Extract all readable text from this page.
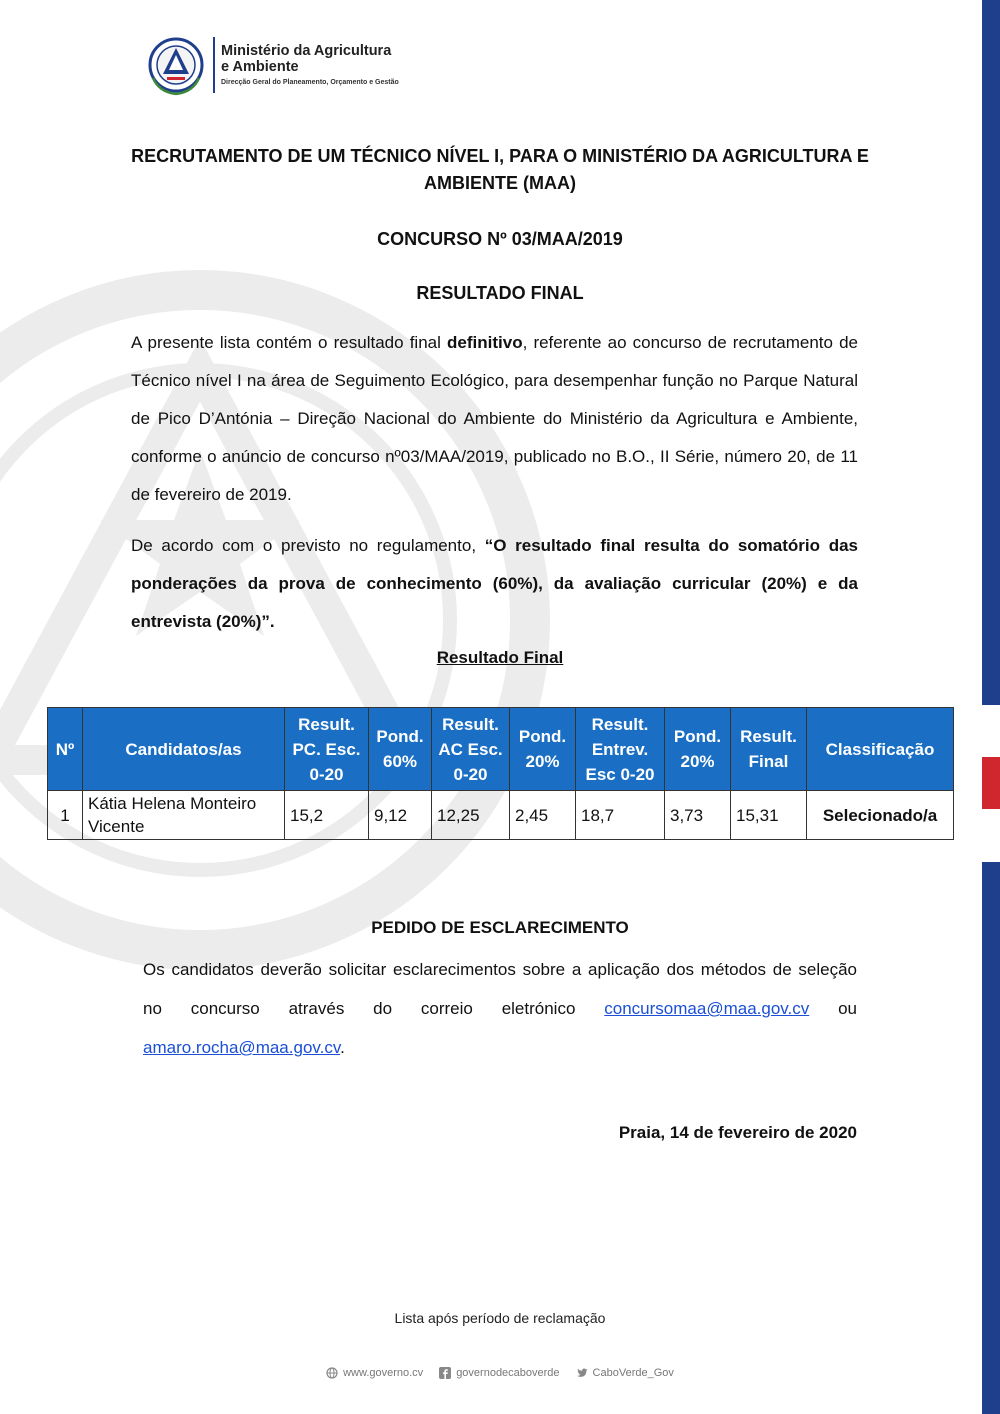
Ministério da Agricultura
e Ambiente
Direcção Geral do Planeamento, Orçamento e Gestão
RECRUTAMENTO DE UM TÉCNICO NÍVEL I, PARA O MINISTÉRIO DA AGRICULTURA E AMBIENTE (MAA)
CONCURSO Nº 03/MAA/2019
RESULTADO FINAL
A presente lista contém o resultado final definitivo, referente ao concurso de recrutamento de Técnico nível I na área de Seguimento Ecológico, para desempenhar função no Parque Natural de Pico D’Antónia – Direção Nacional do Ambiente do Ministério da Agricultura e Ambiente, conforme o anúncio de concurso nº03/MAA/2019, publicado no B.O., II Série, número 20, de 11 de fevereiro de 2019.
De acordo com o previsto no regulamento, “O resultado final resulta do somatório das ponderações da prova de conhecimento (60%), da avaliação curricular (20%) e da entrevista (20%)”.
Resultado Final
Nº	Candidatos/as	Result. PC. Esc. 0-20	Pond. 60%	Result. AC Esc. 0-20	Pond. 20%	Result. Entrev. Esc 0-20	Pond. 20%	Result. Final	Classificação
1	Kátia Helena Monteiro Vicente	15,2	9,12	12,25	2,45	18,7	3,73	15,31	Selecionado/a
PEDIDO DE ESCLARECIMENTO
Os candidatos deverão solicitar esclarecimentos sobre a aplicação dos métodos de seleção no concurso através do correio eletrónico concursomaa@maa.gov.cv ou amaro.rocha@maa.gov.cv.
Praia, 14 de fevereiro de 2020
Lista após período de reclamação
www.governo.cv	governodecaboverde	CaboVerde_Gov
